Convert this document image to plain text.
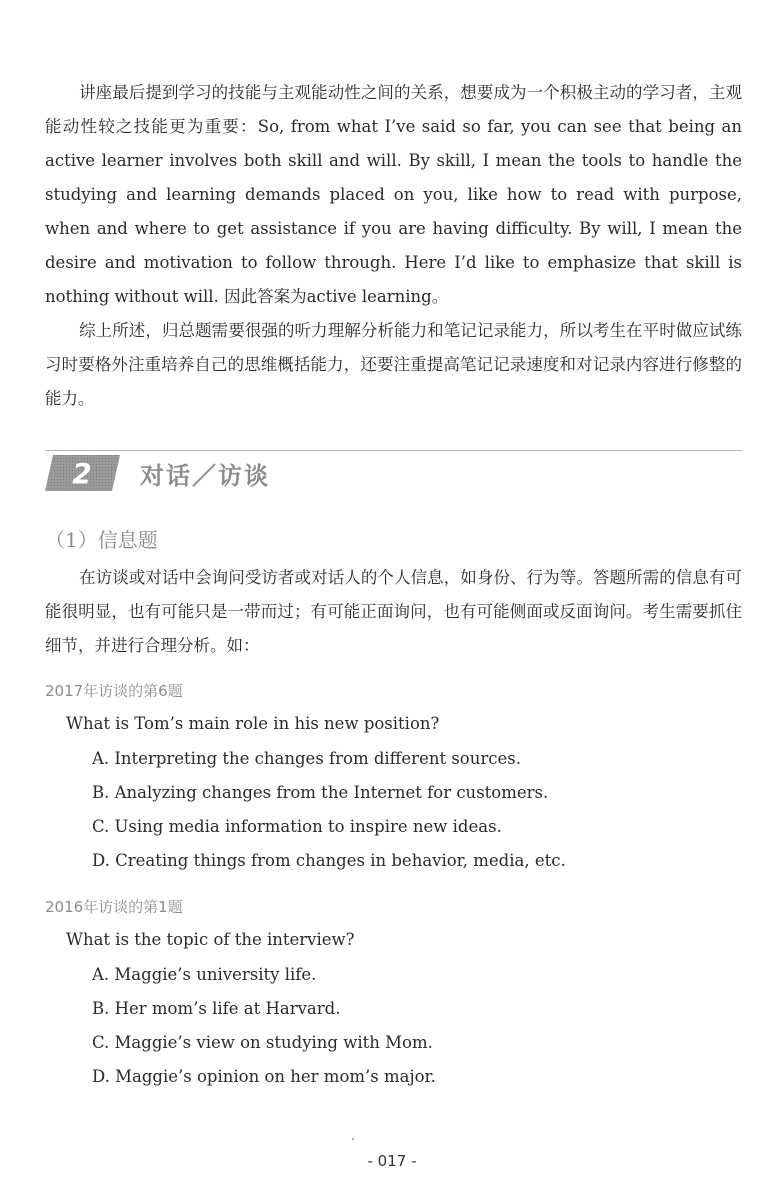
讲座最后提到学习的技能与主观能动性之间的关系，想要成为一个积极主动的学习者，主观能动性较之技能更为重要：So, from what I’ve said so far, you can see that being an active learner involves both skill and will. By skill, I mean the tools to handle the studying and learning demands placed on you, like how to read with purpose, when and where to get assistance if you are having difficulty. By will, I mean the desire and motivation to follow through. Here I’d like to emphasize that skill is nothing without will. 因此答案为active learning。

综上所述，归总题需要很强的听力理解分析能力和笔记记录能力，所以考生在平时做应试练习时要格外注重培养自己的思维概括能力，还要注重提高笔记记录速度和对记录内容进行修整的能力。

2 对话／访谈
（1）信息题

在访谈或对话中会询问受访者或对话人的个人信息，如身份、行为等。答题所需的信息有可能很明显，也有可能只是一带而过；有可能正面询问，也有可能侧面或反面询问。考生需要抓住细节，并进行合理分析。如：

2017年访谈的第6题
What is Tom’s main role in his new position?
A. Interpreting the changes from different sources.
B. Analyzing changes from the Internet for customers.
C. Using media information to inspire new ideas.
D. Creating things from changes in behavior, media, etc.
2016年访谈的第1题
What is the topic of the interview?
A. Maggie’s university life.
B. Her mom’s life at Harvard.
C. Maggie’s view on studying with Mom.
D. Maggie’s opinion on her mom’s major.
- 017 -
